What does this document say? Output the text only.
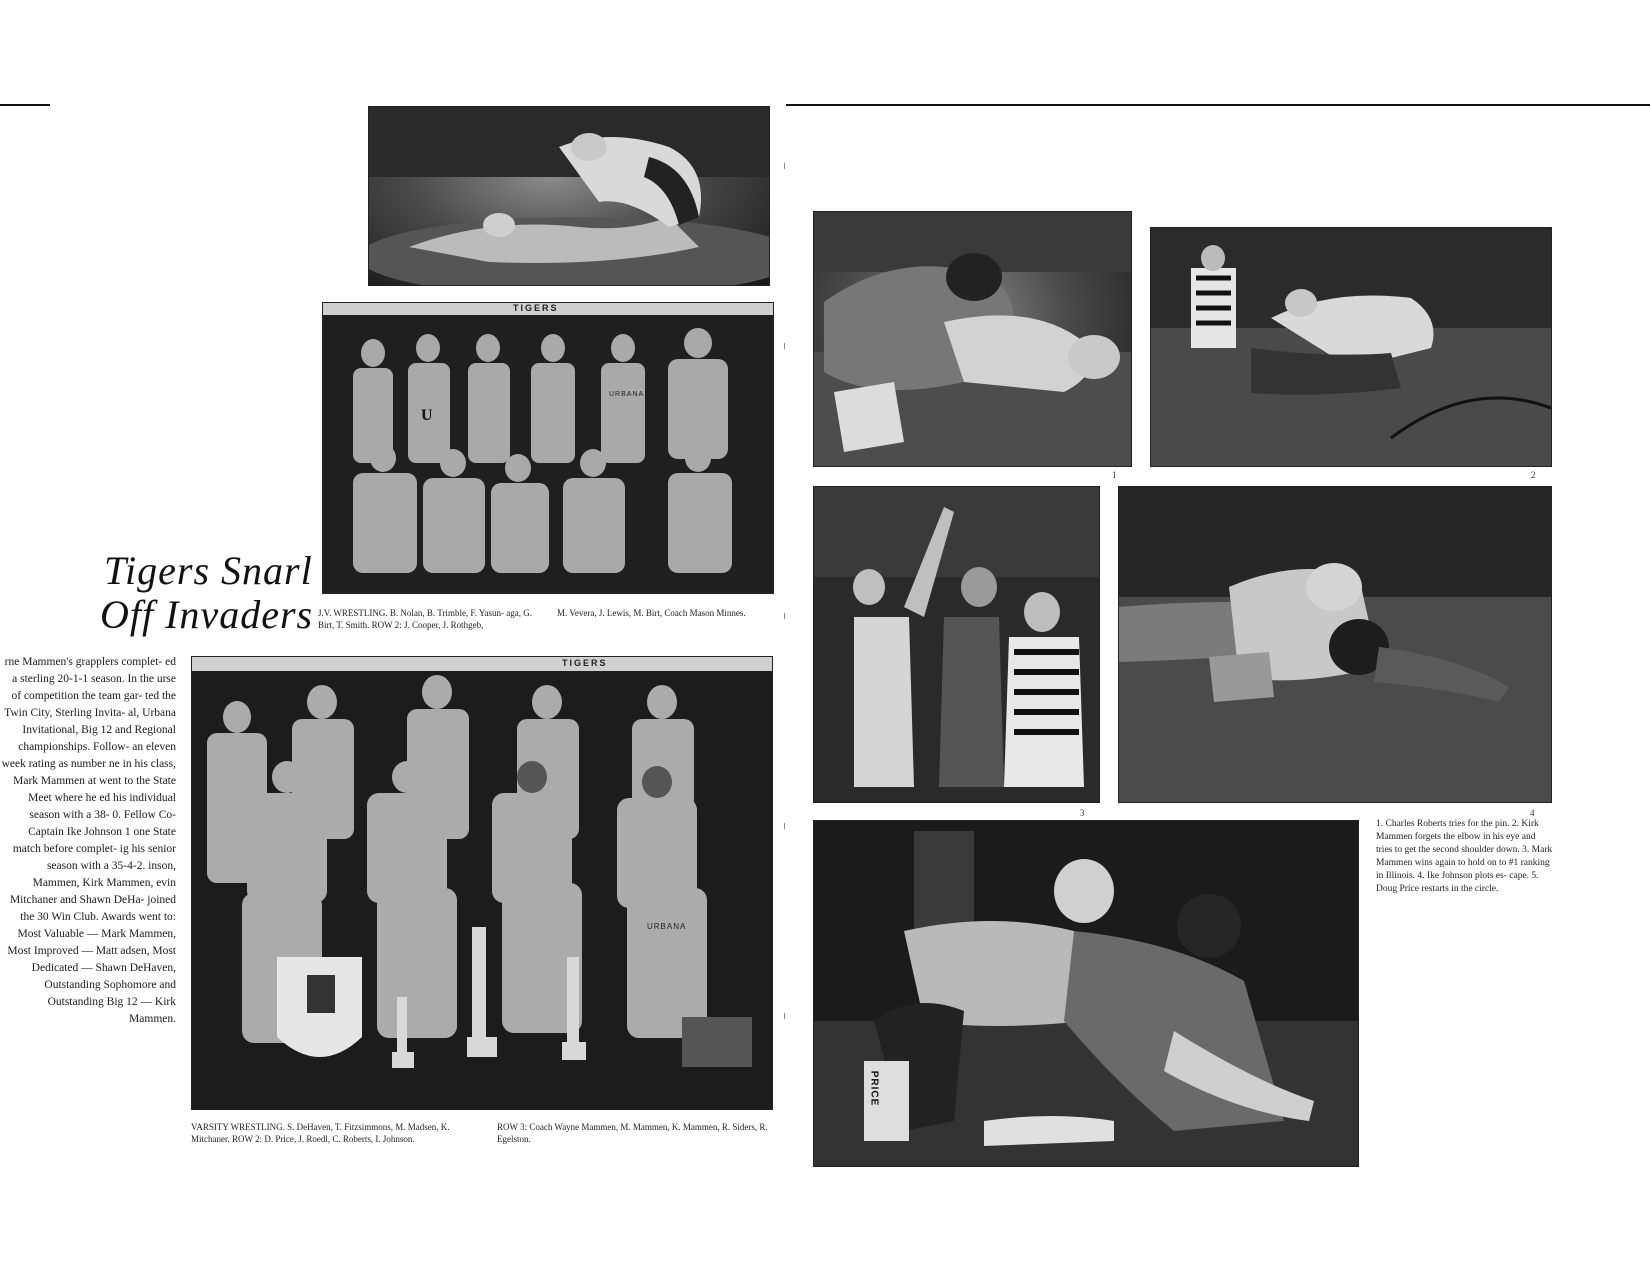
TIGERS
U
URBANA
Tigers Snarl
Off Invaders J.V. WRESTLING. B. Nolan, B. Trimble, F. Yasun- aga, G. Birt, T. Smith. ROW 2: J. Cooper, J. Rothgeb,

M. Vevera, J. Lewis, M. Birt, Coach Mason Minnes.

rne Mammen's grapplers complet- ed a sterling 20-1-1 season. In the urse of competition the team gar- ted the Twin City, Sterling Invita- al, Urbana Invitational, Big 12 and Regional championships. Follow- an eleven week rating as number ne in his class, Mark Mammen at went to the State Meet where he ed his individual season with a 38- 0. Fellow Co-Captain Ike Johnson 1 one State match before complet- ig his senior season with a 35-4-2. inson, Mammen, Kirk Mammen, evin Mitchaner and Shawn DeHa- joined the 30 Win Club. Awards went to: Most Valuable — Mark Mammen, Most Improved — Matt adsen, Most Dedicated — Shawn DeHaven, Outstanding Sophomore and Outstanding Big 12 — Kirk Mammen.

TIGERS
URBANA

VARSITY WRESTLING. S. DeHaven, T. Fitzsimmons, M. Madsen, K. Mitchaner. ROW 2: D. Price, J. Roedl, C. Roberts, I. Johnson.

ROW 3: Coach Wayne Mammen, M. Mammen, K. Mammen, R. Siders, R. Egelston.

1	2
3	4

1. Charles Roberts tries for the pin. 2. Kirk Mammen forgets the elbow in his eye and tries to get the second shoulder down. 3. Mark Mammen wins again to hold on to #1 ranking in Illinois. 4. Ike Johnson plots es- cape. 5. Doug Price restarts in the circle.

PRICE
